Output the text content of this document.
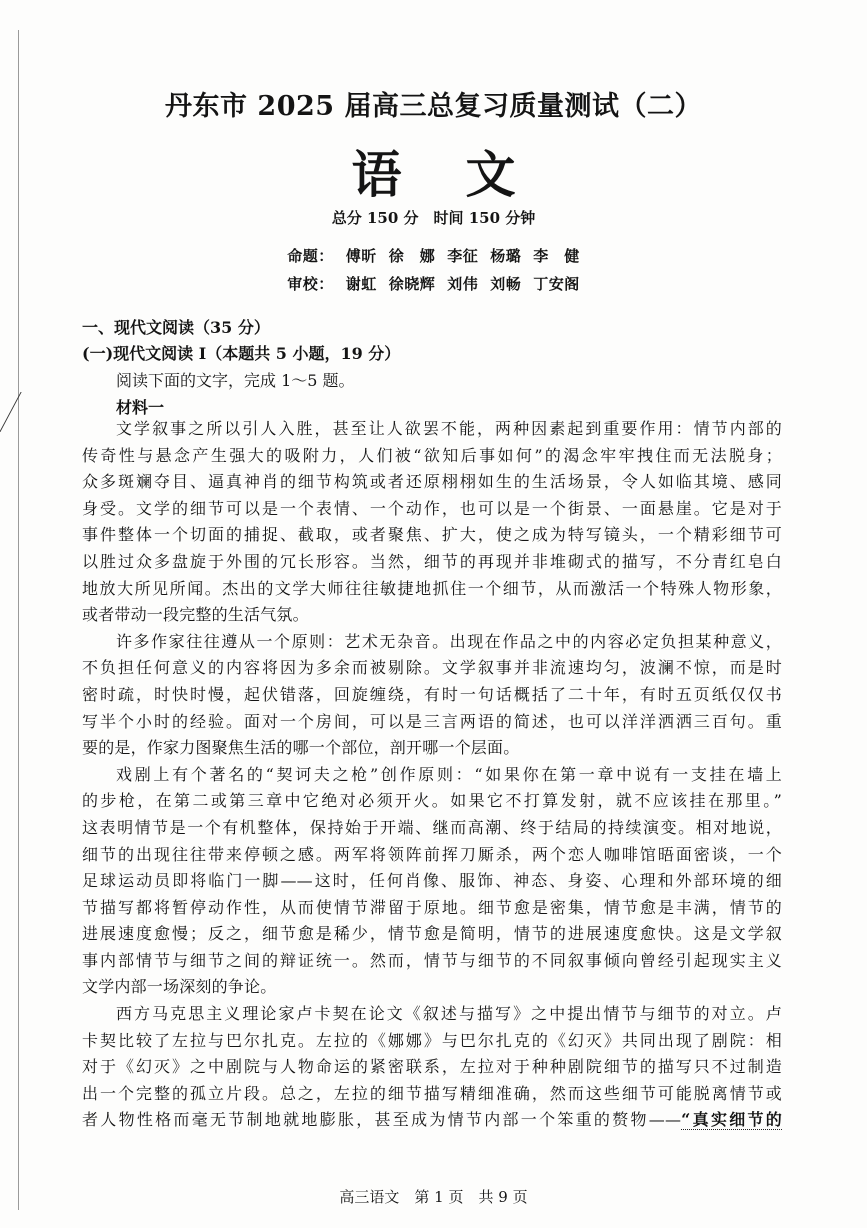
丹东市 2025 届高三总复习质量测试（二）
语文
总分 150 分　时间 150 分钟
命题： 傅昕 徐　娜 李征 杨璐 李　健
审校： 谢虹 徐晓辉 刘伟 刘畅 丁安阁
一、现代文阅读（35 分）
(一)现代文阅读 I（本题共 5 小题，19 分）
阅读下面的文字，完成 1～5 题。
材料一
文学叙事之所以引人入胜，甚至让人欲罢不能，两种因素起到重要作用：情节内部的
传奇性与悬念产生强大的吸附力，人们被“欲知后事如何”的渴念牢牢拽住而无法脱身；
众多斑斓夺目、逼真神肖的细节构筑或者还原栩栩如生的生活场景，令人如临其境、感同
身受。文学的细节可以是一个表情、一个动作，也可以是一个街景、一面悬崖。它是对于
事件整体一个切面的捕捉、截取，或者聚焦、扩大，使之成为特写镜头，一个精彩细节可
以胜过众多盘旋于外围的冗长形容。当然，细节的再现并非堆砌式的描写，不分青红皂白
地放大所见所闻。杰出的文学大师往往敏捷地抓住一个细节，从而激活一个特殊人物形象，
或者带动一段完整的生活气氛。
许多作家往往遵从一个原则：艺术无杂音。出现在作品之中的内容必定负担某种意义，
不负担任何意义的内容将因为多余而被剔除。文学叙事并非流速均匀，波澜不惊，而是时
密时疏，时快时慢，起伏错落，回旋缠绕，有时一句话概括了二十年，有时五页纸仅仅书
写半个小时的经验。面对一个房间，可以是三言两语的简述，也可以洋洋洒洒三百句。重
要的是，作家力图聚焦生活的哪一个部位，剖开哪一个层面。
戏剧上有个著名的“契诃夫之枪”创作原则：“如果你在第一章中说有一支挂在墙上
的步枪，在第二或第三章中它绝对必须开火。如果它不打算发射，就不应该挂在那里。”
这表明情节是一个有机整体，保持始于开端、继而高潮、终于结局的持续演变。相对地说，
细节的出现往往带来停顿之感。两军将领阵前挥刀厮杀，两个恋人咖啡馆晤面密谈，一个
足球运动员即将临门一脚——这时，任何肖像、服饰、神态、身姿、心理和外部环境的细
节描写都将暂停动作性，从而使情节滞留于原地。细节愈是密集，情节愈是丰满，情节的
进展速度愈慢；反之，细节愈是稀少，情节愈是简明，情节的进展速度愈快。这是文学叙
事内部情节与细节之间的辩证统一。然而，情节与细节的不同叙事倾向曾经引起现实主义
文学内部一场深刻的争论。
西方马克思主义理论家卢卡契在论文《叙述与描写》之中提出情节与细节的对立。卢
卡契比较了左拉与巴尔扎克。左拉的《娜娜》与巴尔扎克的《幻灭》共同出现了剧院：相
对于《幻灭》之中剧院与人物命运的紧密联系，左拉对于种种剧院细节的描写只不过制造
出一个完整的孤立片段。总之，左拉的细节描写精细准确，然而这些细节可能脱离情节或
者人物性格而毫无节制地就地膨胀，甚至成为情节内部一个笨重的赘物——“真实细节的
高三语文　第 1 页　共 9 页
